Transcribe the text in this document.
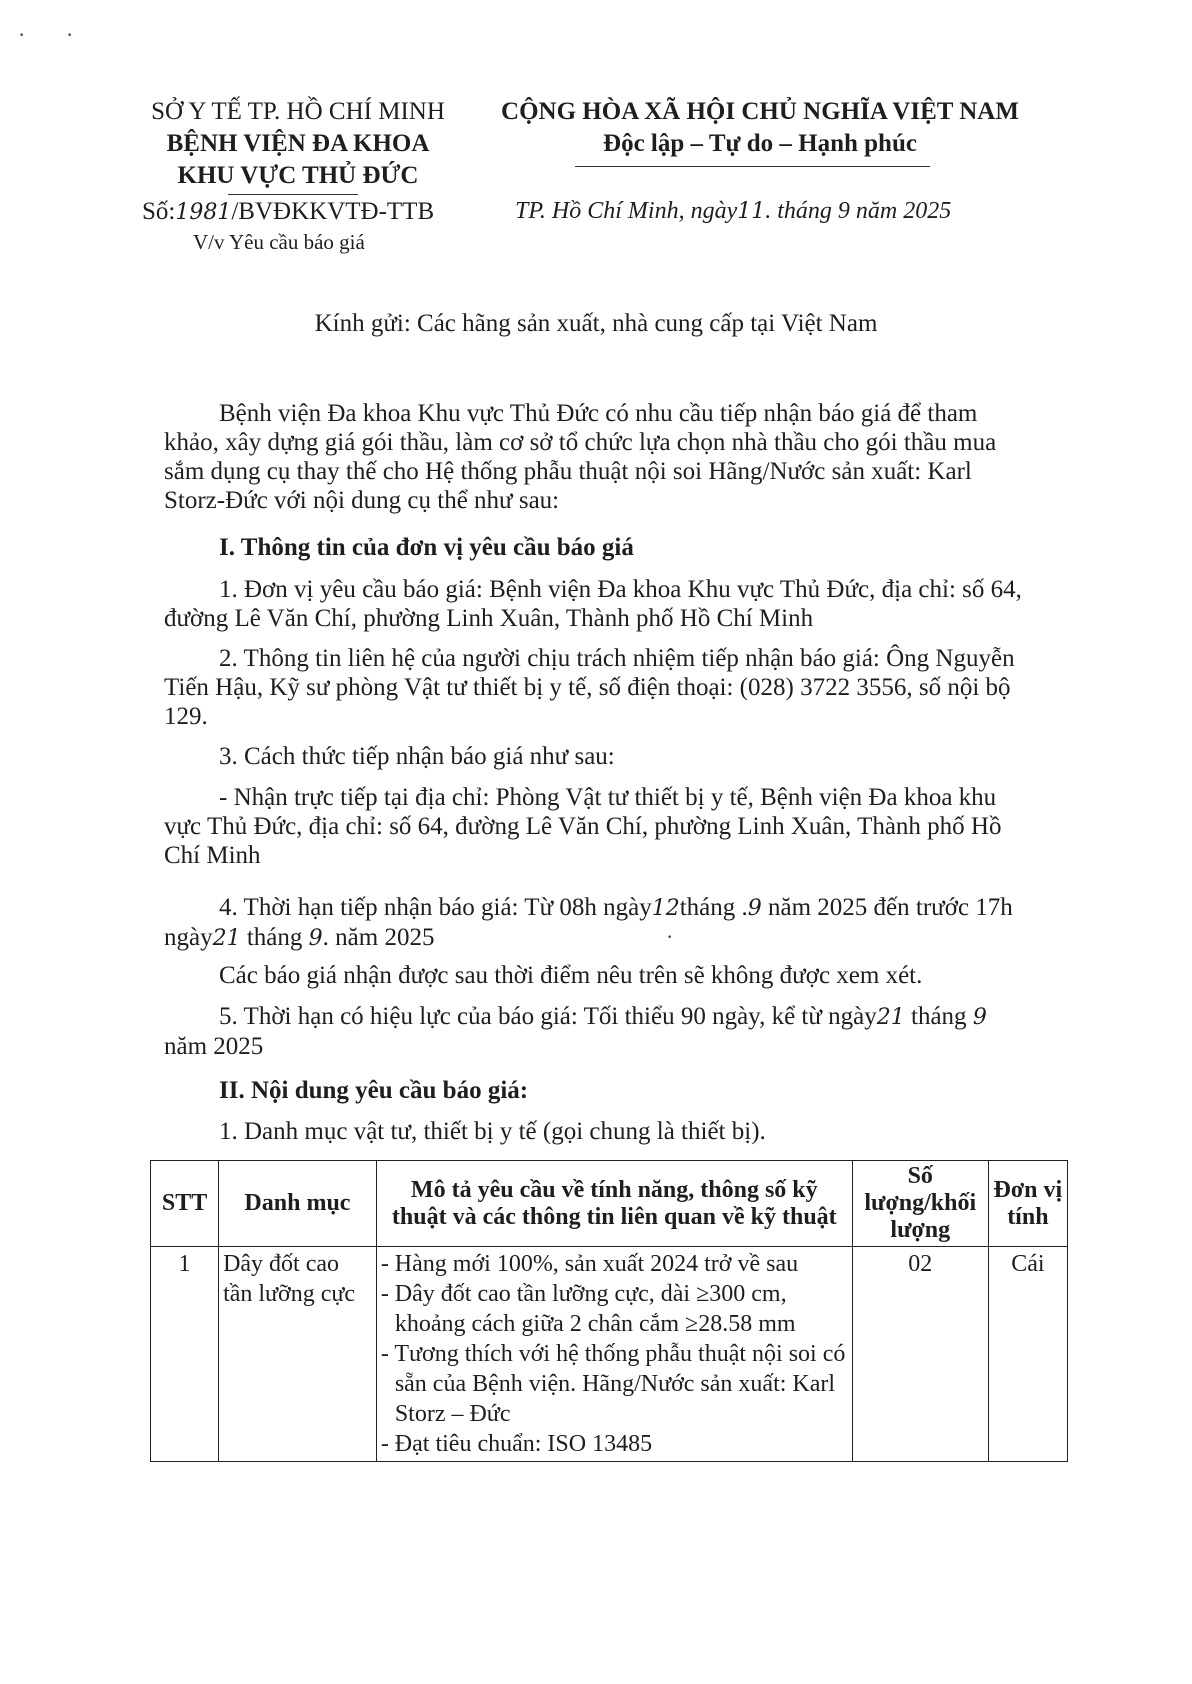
SỞ Y TẾ TP. HỒ CHÍ MINH
BỆNH VIỆN ĐA KHOA
KHU VỰC THỦ ĐỨC
CỘNG HÒA XÃ HỘI CHỦ NGHĨA VIỆT NAM
Độc lập – Tự do – Hạnh phúc
Số:1981/BVĐKKVTĐ-TTB	TP. Hồ Chí Minh, ngày11. tháng 9 năm 2025
V/v Yêu cầu báo giá
Kính gửi: Các hãng sản xuất, nhà cung cấp tại Việt Nam
Bệnh viện Đa khoa Khu vực Thủ Đức có nhu cầu tiếp nhận báo giá để tham
khảo, xây dựng giá gói thầu, làm cơ sở tổ chức lựa chọn nhà thầu cho gói thầu mua
sắm dụng cụ thay thế cho Hệ thống phẫu thuật nội soi Hãng/Nước sản xuất: Karl
Storz-Đức với nội dung cụ thể như sau:
I. Thông tin của đơn vị yêu cầu báo giá
1. Đơn vị yêu cầu báo giá: Bệnh viện Đa khoa Khu vực Thủ Đức, địa chỉ: số 64,
đường Lê Văn Chí, phường Linh Xuân, Thành phố Hồ Chí Minh
2. Thông tin liên hệ của người chịu trách nhiệm tiếp nhận báo giá: Ông Nguyễn
Tiến Hậu, Kỹ sư phòng Vật tư thiết bị y tế, số điện thoại: (028) 3722 3556, số nội bộ
129.
3. Cách thức tiếp nhận báo giá như sau:
- Nhận trực tiếp tại địa chỉ: Phòng Vật tư thiết bị y tế, Bệnh viện Đa khoa khu
vực Thủ Đức, địa chỉ: số 64, đường Lê Văn Chí, phường Linh Xuân, Thành phố Hồ
Chí Minh
4. Thời hạn tiếp nhận báo giá: Từ 08h ngày12tháng .9 năm 2025 đến trước 17h
ngày21 tháng 9. năm 2025
Các báo giá nhận được sau thời điểm nêu trên sẽ không được xem xét.
5. Thời hạn có hiệu lực của báo giá: Tối thiểu 90 ngày, kể từ ngày21 tháng 9
năm 2025
II. Nội dung yêu cầu báo giá:
1. Danh mục vật tư, thiết bị y tế (gọi chung là thiết bị).
STT	Danh mục	Mô tả yêu cầu về tính năng, thông số kỹ thuật và các thông tin liên quan về kỹ thuật	Số lượng/khối lượng	Đơn vị tính
1	Dây đốt cao tần lưỡng cực	- Hàng mới 100%, sản xuất 2024 trở về sau
- Dây đốt cao tần lưỡng cực, dài ≥300 cm, khoảng cách giữa 2 chân cắm ≥28.58 mm
- Tương thích với hệ thống phẫu thuật nội soi có sẵn của Bệnh viện. Hãng/Nước sản xuất: Karl Storz – Đức
- Đạt tiêu chuẩn: ISO 13485	02	Cái
· ·
·
